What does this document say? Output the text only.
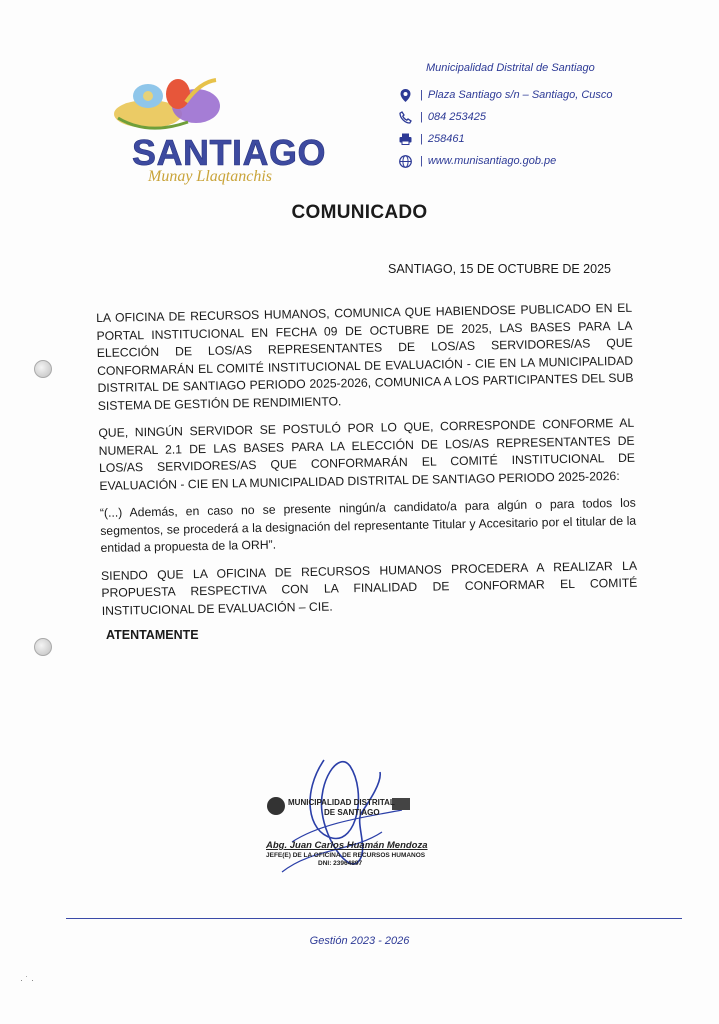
SANTIAGO
Munay Llaqtanchis
Municipalidad Distrital de Santiago
| Plaza Santiago s/n – Santiago, Cusco
| 084 253425
| 258461
| www.munisantiago.gob.pe
COMUNICADO
SANTIAGO, 15 DE OCTUBRE DE 2025

LA OFICINA DE RECURSOS HUMANOS, COMUNICA QUE HABIENDOSE PUBLICADO EN EL PORTAL INSTITUCIONAL EN FECHA 09 DE OCTUBRE DE 2025, LAS BASES PARA LA ELECCIÓN DE LOS/AS REPRESENTANTES DE LOS/AS SERVIDORES/AS QUE CONFORMARÁN EL COMITÉ INSTITUCIONAL DE EVALUACIÓN - CIE EN LA MUNICIPALIDAD DISTRITAL DE SANTIAGO PERIODO 2025-2026, COMUNICA A LOS PARTICIPANTES DEL SUB SISTEMA DE GESTIÓN DE RENDIMIENTO.

QUE, NINGÚN SERVIDOR SE POSTULÓ POR LO QUE, CORRESPONDE CONFORME AL NUMERAL 2.1 DE LAS BASES PARA LA ELECCIÓN DE LOS/AS REPRESENTANTES DE LOS/AS SERVIDORES/AS QUE CONFORMARÁN EL COMITÉ INSTITUCIONAL DE EVALUACIÓN - CIE EN LA MUNICIPALIDAD DISTRITAL DE SANTIAGO PERIODO 2025-2026:

“(...) Además, en caso no se presente ningún/a candidato/a para algún o para todos los segmentos, se procederá a la designación del representante Titular y Accesitario por el titular de la entidad a propuesta de la ORH”.

SIENDO QUE LA OFICINA DE RECURSOS HUMANOS PROCEDERA A REALIZAR LA PROPUESTA RESPECTIVA CON LA FINALIDAD DE CONFORMAR EL COMITÉ INSTITUCIONAL DE EVALUACIÓN – CIE.

ATENTAMENTE
MUNICIPALIDAD DISTRITAL
DE SANTIAGO
Abg. Juan Carlos Huamán Mendoza
JEFE(E) DE LA OFICINA DE RECURSOS HUMANOS
DNI: 23964897
Gestión 2023 - 2026
· ˙ ·
